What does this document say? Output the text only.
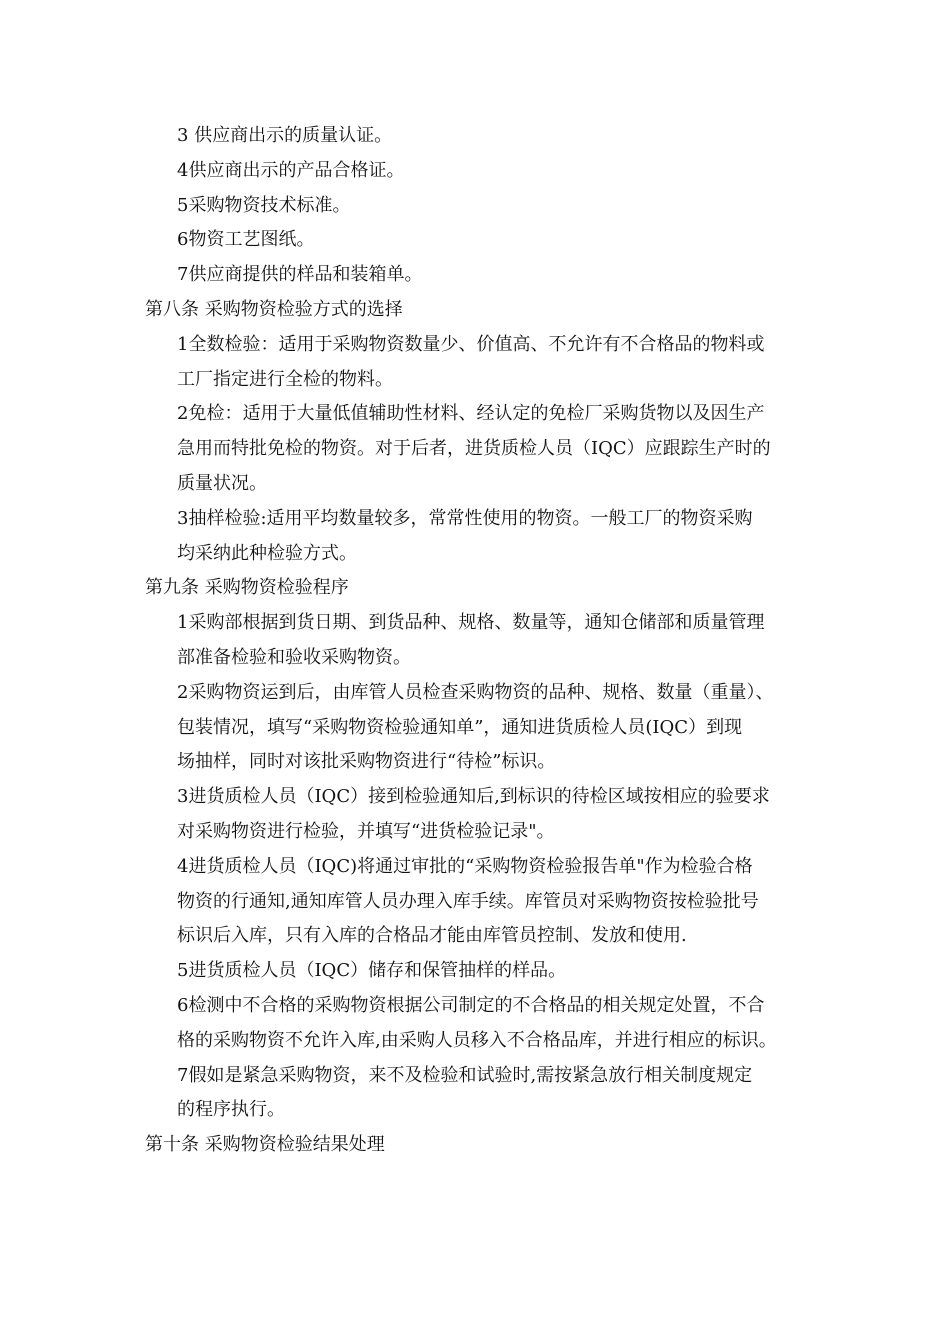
3 供应商出示的质量认证。
4供应商出示的产品合格证。
5采购物资技术标准。
6物资工艺图纸。
7供应商提供的样品和装箱单。
第八条 采购物资检验方式的选择
1全数检验：适用于采购物资数量少、价值高、不允许有不合格品的物料或
工厂指定进行全检的物料。
2免检：适用于大量低值辅助性材料、经认定的免检厂采购货物以及因生产
急用而特批免检的物资。对于后者，进货质检人员（IQC）应跟踪生产时的
质量状况。
3抽样检验:适用平均数量较多，常常性使用的物资。一般工厂的物资采购
均采纳此种检验方式。
第九条 采购物资检验程序
1采购部根据到货日期、到货品种、规格、数量等，通知仓储部和质量管理
部准备检验和验收采购物资。
2采购物资运到后，由库管人员检查采购物资的品种、规格、数量（重量）、
包装情况，填写“采购物资检验通知单”，通知进货质检人员(IQC）到现
场抽样，同时对该批采购物资进行“待检”标识。
3进货质检人员（IQC）接到检验通知后,到标识的待检区域按相应的验要求
对采购物资进行检验，并填写“进货检验记录"。
4进货质检人员（IQC)将通过审批的“采购物资检验报告单"作为检验合格
物资的行通知,通知库管人员办理入库手续。库管员对采购物资按检验批号
标识后入库，只有入库的合格品才能由库管员控制、发放和使用.
5进货质检人员（IQC）储存和保管抽样的样品。
6检测中不合格的采购物资根据公司制定的不合格品的相关规定处置，不合
格的采购物资不允许入库,由采购人员移入不合格品库，并进行相应的标识。
7假如是紧急采购物资，来不及检验和试验时,需按紧急放行相关制度规定
的程序执行。
第十条 采购物资检验结果处理
